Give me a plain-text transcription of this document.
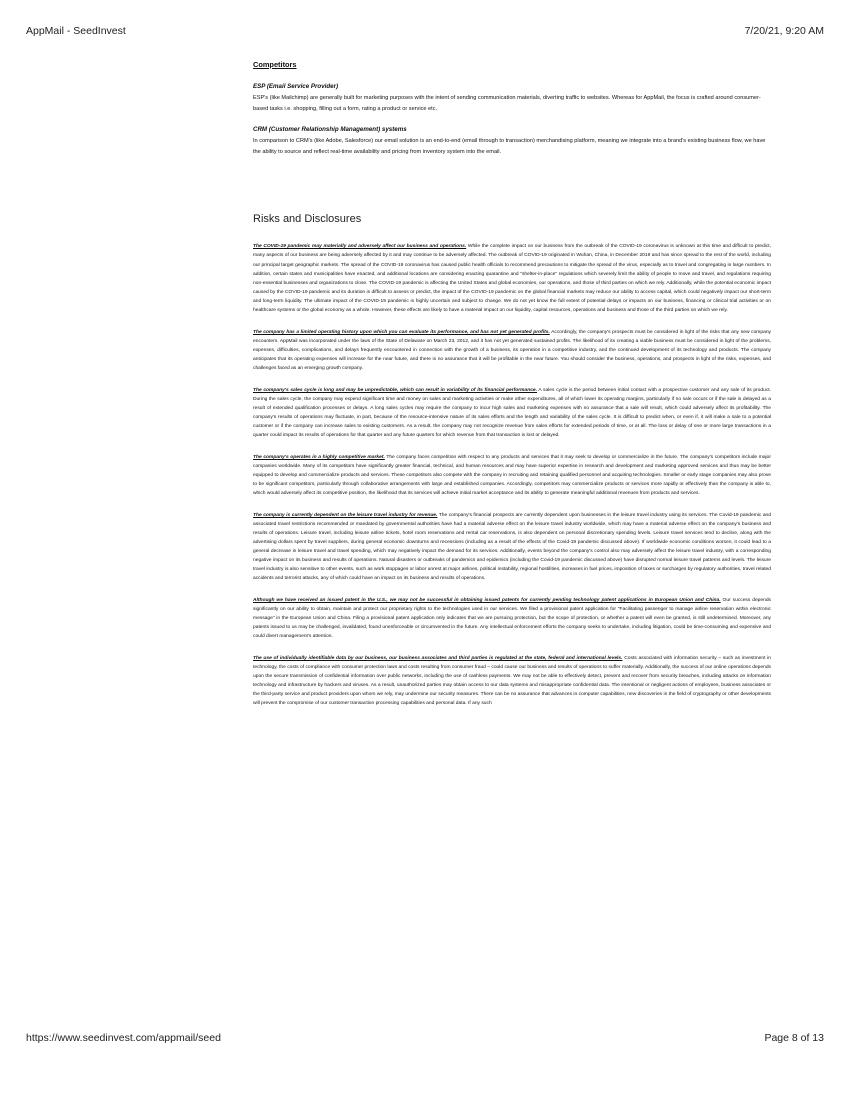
AppMail - SeedInvest	7/20/21, 9:20 AM
Competitors
ESP (Email Service Provider)
ESP's (like Mailchimp) are generally built for marketing purposes with the intent of sending communication materials, diverting traffic to websites. Whereas for AppMail, the focus is crafted around consumer-based tasks i.e. shopping, filling out a form, rating a product or service etc.
CRM (Customer Relationship Management) systems
In comparison to CRM's (like Adobe, Salesforce) our email solution is an end-to-end (email through to transaction) merchandising platform, meaning we integrate into a brand's existing business flow, we have the ability to source and reflect real-time availability and pricing from inventory system into the email.
Risks and Disclosures
The COVID-19 pandemic may materially and adversely affect our business and operations. While the complete impact on our business from the outbreak of the COVID-19 coronavirus is unknown at this time and difficult to predict, many aspects of our business are being adversely affected by it and may continue to be adversely affected. The outbreak of COVID-19 originated in Wuhan, China, in December 2019 and has since spread to the rest of the world, including our principal target geographic markets. The spread of the COVID-19 coronavirus has caused public health officials to recommend precautions to mitigate the spread of the virus, especially as to travel and congregating in large numbers. In addition, certain states and municipalities have enacted, and additional locations are considering enacting quarantine and "shelter-in-place" regulations which severely limit the ability of people to move and travel, and regulations requiring non-essential businesses and organizations to close. The COVID-19 pandemic is affecting the United States and global economies, our operations, and those of third parties on which we rely. Additionally, while the potential economic impact caused by the COVID-19 pandemic and its duration is difficult to assess or predict, the impact of the COVID-19 pandemic on the global financial markets may reduce our ability to access capital, which could negatively impact our short-term and long-term liquidity. The ultimate impact of the COVID-19 pandemic is highly uncertain and subject to change. We do not yet know the full extent of potential delays or impacts on our business, financing or clinical trial activities or on healthcare systems or the global economy as a whole. However, these effects are likely to have a material impact on our liquidity, capital resources, operations and business and those of the third parties on which we rely.
The company has a limited operating history upon which you can evaluate its performance, and has not yet generated profits. Accordingly, the company's prospects must be considered in light of the risks that any new company encounters. AppMail was incorporated under the laws of the State of Delaware on March 23, 2012, and it has not yet generated sustained profits. The likelihood of its creating a viable business must be considered in light of the problems, expenses, difficulties, complications, and delays frequently encountered in connection with the growth of a business, its operation in a competitive industry, and the continued development of its technology and products. The company anticipates that its operating expenses will increase for the near future, and there is no assurance that it will be profitable in the near future. You should consider the business, operations, and prospects in light of the risks, expenses, and challenges faced as an emerging growth company.
The company's sales cycle is long and may be unpredictable, which can result in variability of its financial performance. A sales cycle is the period between initial contact with a prospective customer and any sale of its product. During the sales cycle, the company may expend significant time and money on sales and marketing activities or make other expenditures, all of which lower its operating margins, particularly if no sale occurs or if the sale is delayed as a result of extended qualification processes or delays. A long sales cycles may require the company to incur high sales and marketing expenses with no assurance that a sale will result, which could adversely affect its profitability. The company's results of operations may fluctuate, in part, because of the resource-intensive nature of its sales efforts and the length and variability of the sales cycle. It is difficult to predict when, or even if, it will make a sale to a potential customer or if the company can increase sales to existing customers. As a result, the company may not recognize revenue from sales efforts for extended periods of time, or at all. The loss or delay of one or more large transactions in a quarter could impact its results of operations for that quarter and any future quarters for which revenue from that transaction is lost or delayed.
The company's operates in a highly competitive market. The company faces competition with respect to any products and services that it may seek to develop or commercialize in the future. The company's competitors include major companies worldwide. Many of its competitors have significantly greater financial, technical, and human resources and may have superior expertise in research and development and marketing approved services and thus may be better equipped to develop and commercialize products and services. These competitors also compete with the company in recruiting and retaining qualified personnel and acquiring technologies. Smaller or early stage companies may also prove to be significant competitors, particularly through collaborative arrangements with large and established companies. Accordingly, competitors may commercialize products or services more rapidly or effectively than the company is able to, which would adversely affect its competitive position, the likelihood that its services will achieve initial market acceptance and its ability to generate meaningful additional revenues from products and services.
The company is currently dependent on the leisure travel industry for revenue. The company's financial prospects are currently dependent upon businesses in the leisure travel industry using its services. The Covid-19 pandemic and associated travel restrictions recommended or mandated by governmental authorities have had a material adverse effect on the leisure travel industry worldwide, which may have a material adverse effect on the company's business and results of operations. Leisure travel, including leisure airline tickets, hotel room reservations and rental car reservations, is also dependent on personal discretionary spending levels. Leisure travel services tend to decline, along with the advertising dollars spent by travel suppliers, during general economic downturns and recessions (including as a result of the effects of the Covid-19 pandemic discussed above). If worldwide economic conditions worsen, it could lead to a general decrease in leisure travel and travel spending, which may negatively impact the demand for its services. Additionally, events beyond the company's control also may adversely affect the leisure travel industry, with a corresponding negative impact on its business and results of operations. Natural disasters or outbreaks of pandemics and epidemics (including the Covid-19 pandemic discussed above) have disrupted normal leisure travel patterns and levels. The leisure travel industry is also sensitive to other events, such as work stoppages or labor unrest at major airlines, political instability, regional hostilities, increases in fuel prices, imposition of taxes or surcharges by regulatory authorities, travel related accidents and terrorist attacks, any of which could have an impact on its business and results of operations.
Although we have received an issued patent in the U.S., we may not be successful in obtaining issued patents for currently pending technology patent applications in European Union and China. Our success depends significantly on our ability to obtain, maintain and protect our proprietary rights to the technologies used in our services. We filed a provisional patent application for "Facilitating passenger to manage airline reservation within electronic message" in the European Union and China. Filing a provisional patent application only indicates that we are pursuing protection, but the scope of protection, or whether a patent will even be granted, is still undetermined. Moreover, any patents issued to us may be challenged, invalidated, found unenforceable or circumvented in the future. Any intellectual enforcement efforts the company seeks to undertake, including litigation, could be time-consuming and expensive and could divert management's attention.
The use of individually identifiable data by our business, our business associates and third parties is regulated at the state, federal and international levels. Costs associated with information security – such as investment in technology, the costs of compliance with consumer protection laws and costs resulting from consumer fraud – could cause our business and results of operations to suffer materially. Additionally, the success of our online operations depends upon the secure transmission of confidential information over public networks, including the use of cashless payments. We may not be able to effectively detect, prevent and recover from security breaches, including attacks on information technology and infrastructure by hackers and viruses. As a result, unauthorized parties may obtain access to our data systems and misappropriate confidential data. The intentional or negligent actions of employees, business associates or the third-party service and product providers upon whom we rely, may undermine our security measures. There can be no assurance that advances in computer capabilities, new discoveries in the field of cryptography or other developments will prevent the compromise of our customer transaction processing capabilities and personal data. If any such
https://www.seedinvest.com/appmail/seed	Page 8 of 13
